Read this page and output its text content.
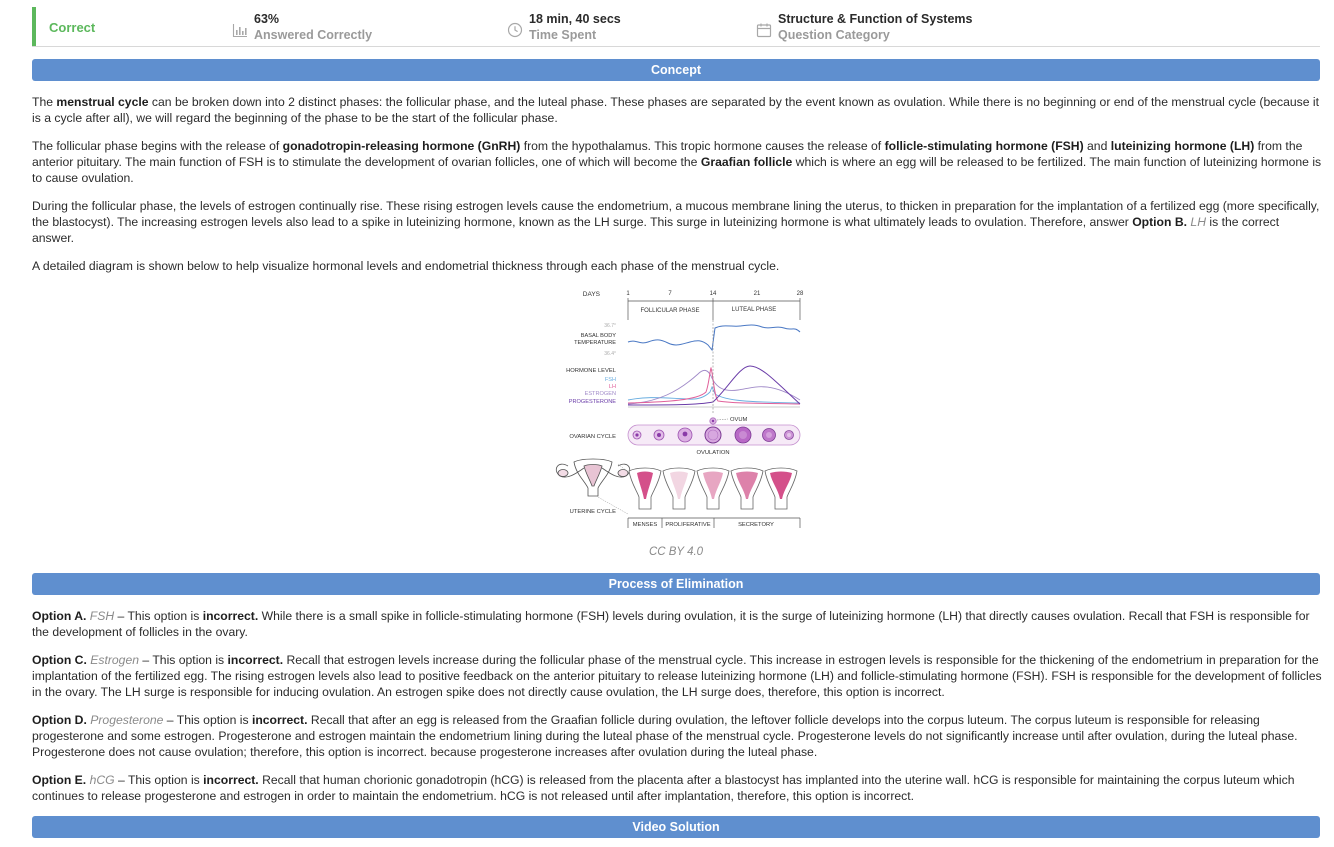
Correct
63%
Answered Correctly
18 min, 40 secs
Time Spent
Structure & Function of Systems
Question Category
Concept
The menstrual cycle can be broken down into 2 distinct phases: the follicular phase, and the luteal phase. These phases are separated by the event known as ovulation. While there is no beginning or end of the menstrual cycle (because it is a cycle after all), we will regard the beginning of the phase to be the start of the follicular phase.
The follicular phase begins with the release of gonadotropin-releasing hormone (GnRH) from the hypothalamus. This tropic hormone causes the release of follicle-stimulating hormone (FSH) and luteinizing hormone (LH) from the anterior pituitary. The main function of FSH is to stimulate the development of ovarian follicles, one of which will become the Graafian follicle which is where an egg will be released to be fertilized. The main function of luteinizing hormone is to cause ovulation.
During the follicular phase, the levels of estrogen continually rise. These rising estrogen levels cause the endometrium, a mucous membrane lining the uterus, to thicken in preparation for the implantation of a fertilized egg (more specifically, the blastocyst). The increasing estrogen levels also lead to a spike in luteinizing hormone, known as the LH surge. This surge in luteinizing hormone is what ultimately leads to ovulation. Therefore, answer Option B. LH is the correct answer.
A detailed diagram is shown below to help visualize hormonal levels and endometrial thickness through each phase of the menstrual cycle.
DAYS	1	7	14	21	28
FOLLICULAR PHASE	LUTEAL PHASE
36.7°
BASAL BODY
TEMPERATURE
36.4°
HORMONE LEVEL
FSH
LH
ESTROGEN
PROGESTERONE
OVUM
OVARIAN CYCLE
OVULATION
UTERINE CYCLE
MENSES PROLIFERATIVE	SECRETORY
CC BY 4.0
Process of Elimination
Option A. FSH – This option is incorrect. While there is a small spike in follicle-stimulating hormone (FSH) levels during ovulation, it is the surge of luteinizing hormone (LH) that directly causes ovulation. Recall that FSH is responsible for the development of follicles in the ovary.
Option C. Estrogen – This option is incorrect. Recall that estrogen levels increase during the follicular phase of the menstrual cycle. This increase in estrogen levels is responsible for the thickening of the endometrium in preparation for the implantation of the fertilized egg. The rising estrogen levels also lead to positive feedback on the anterior pituitary to release luteinizing hormone (LH) and follicle-stimulating hormone (FSH). FSH is responsible for the development of follicles in the ovary. The LH surge is responsible for inducing ovulation. An estrogen spike does not directly cause ovulation, the LH surge does, therefore, this option is incorrect.
Option D. Progesterone – This option is incorrect. Recall that after an egg is released from the Graafian follicle during ovulation, the leftover follicle develops into the corpus luteum. The corpus luteum is responsible for releasing progesterone and some estrogen. Progesterone and estrogen maintain the endometrium lining during the luteal phase of the menstrual cycle. Progesterone levels do not significantly increase until after ovulation, during the luteal phase. Progesterone does not cause ovulation; therefore, this option is incorrect. because progesterone increases after ovulation during the luteal phase.
Option E. hCG – This option is incorrect. Recall that human chorionic gonadotropin (hCG) is released from the placenta after a blastocyst has implanted into the uterine wall. hCG is responsible for maintaining the corpus luteum which continues to release progesterone and estrogen in order to maintain the endometrium. hCG is not released until after implantation, therefore, this option is incorrect.
Video Solution
